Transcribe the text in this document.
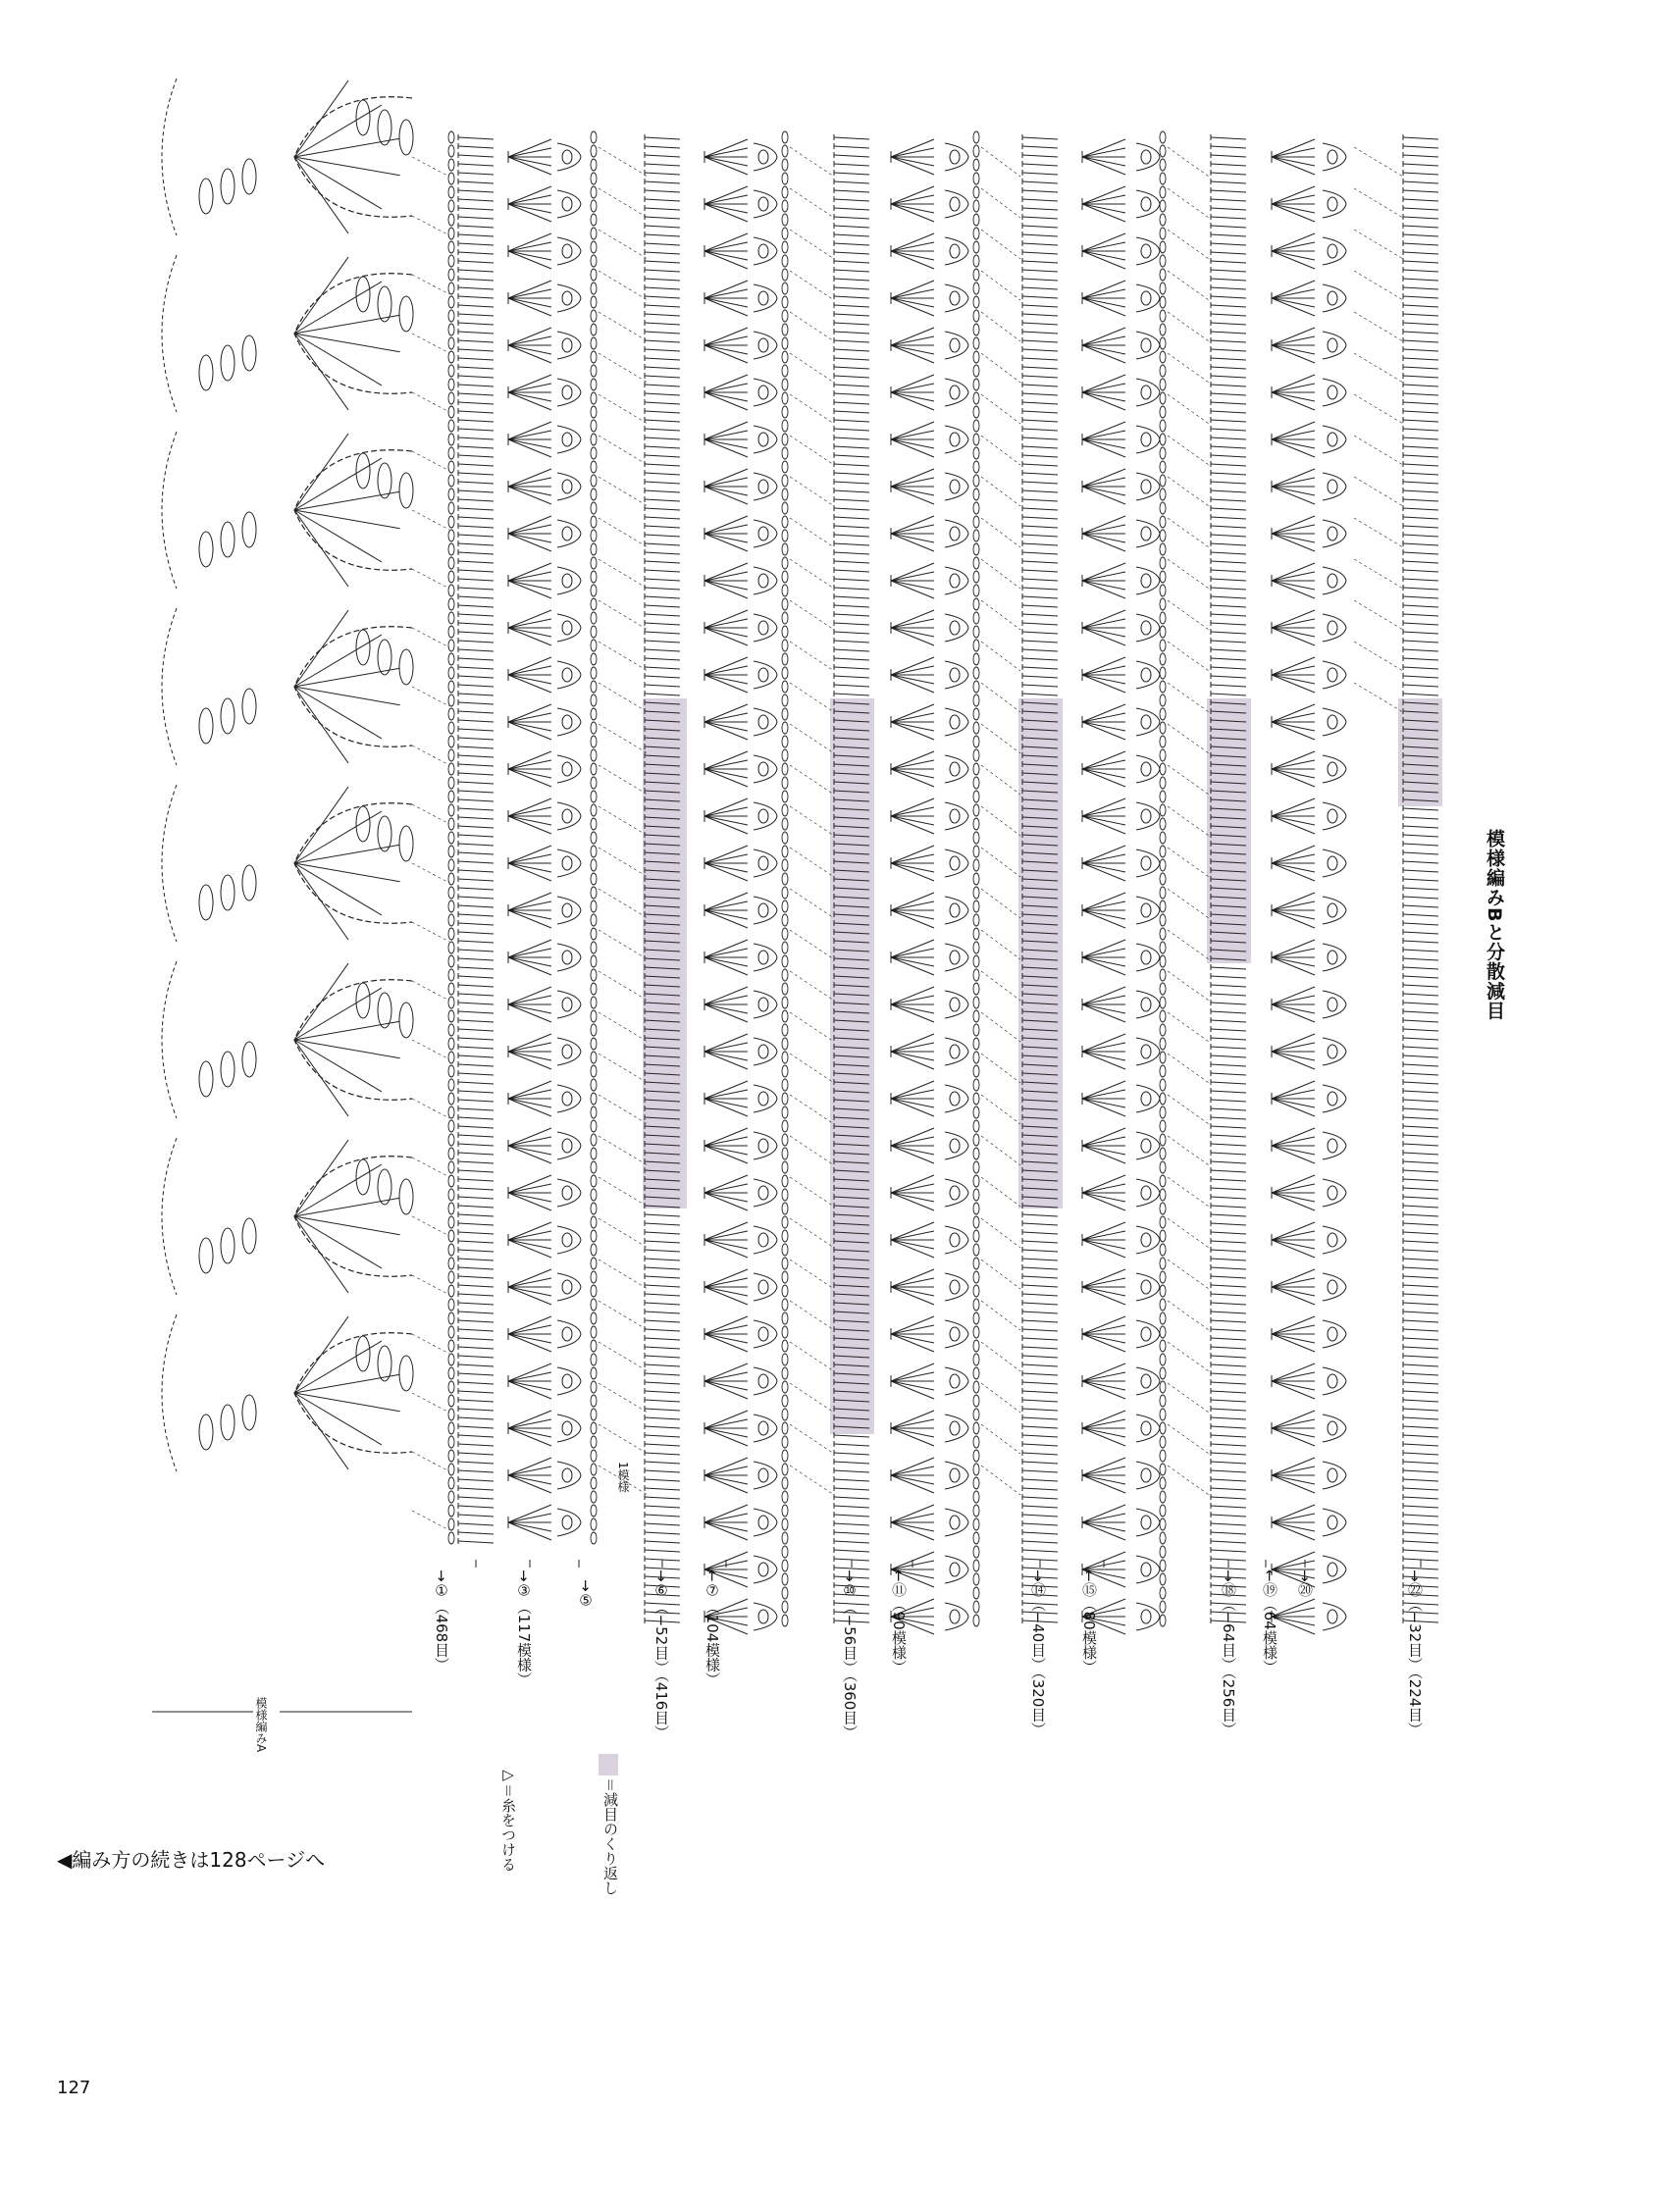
模様編みBと分散減目
1模様
→①（468目）	→③（117模様）	→⑤	→⑥（−52目）（416目） ←⑦（104模様）	→⑩（−56目）（360目） ←⑪（90模様）	→⑭（−40目）（320目） ←⑮（80模様）	→⑱（−64目）（256目） ←⑲（64模様） →⑳	→㉒（−32目）（224目）
模様編みA
▷＝糸をつける	＝減目のくり返し
◀編み方の続きは128ページへ
127
